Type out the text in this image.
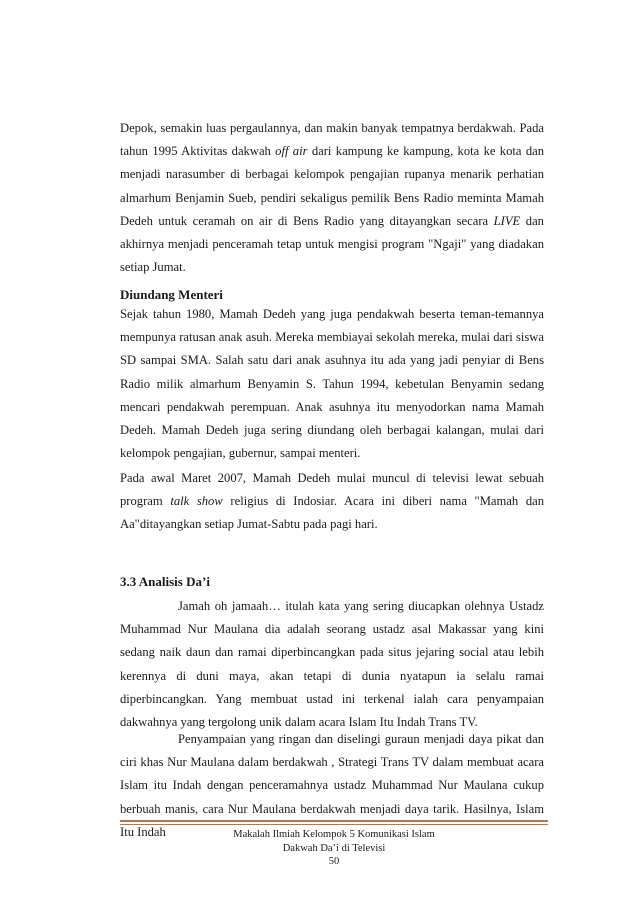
Depok, semakin luas pergaulannya, dan makin banyak tempatnya berdakwah. Pada tahun 1995 Aktivitas dakwah off air dari kampung ke kampung, kota ke kota dan menjadi narasumber di berbagai kelompok pengajian rupanya menarik perhatian almarhum Benjamin Sueb, pendiri sekaligus pemilik Bens Radio meminta Mamah Dedeh untuk ceramah on air di Bens Radio yang ditayangkan secara LIVE dan akhirnya menjadi penceramah tetap untuk mengisi program "Ngaji" yang diadakan setiap Jumat.

Diundang Menteri

Sejak tahun 1980, Mamah Dedeh yang juga pendakwah beserta teman-temannya mempunya ratusan anak asuh. Mereka membiayai sekolah mereka, mulai dari siswa SD sampai SMA. Salah satu dari anak asuhnya itu ada yang jadi penyiar di Bens Radio milik almarhum Benyamin S. Tahun 1994, kebetulan Benyamin sedang mencari pendakwah perempuan. Anak asuhnya itu menyodorkan nama Mamah Dedeh. Mamah Dedeh juga sering diundang oleh berbagai kalangan, mulai dari kelompok pengajian, gubernur, sampai menteri.

Pada awal Maret 2007, Mamah Dedeh mulai muncul di televisi lewat sebuah program talk show religius di Indosiar. Acara ini diberi nama "Mamah dan Aa"ditayangkan setiap Jumat-Sabtu pada pagi hari.

3.3 Analisis Da’i

Jamah oh jamaah… itulah kata yang sering diucapkan olehnya Ustadz Muhammad Nur Maulana dia adalah seorang ustadz asal Makassar yang kini sedang naik daun dan ramai diperbincangkan pada situs jejaring social atau lebih kerennya di duni maya, akan tetapi di dunia nyatapun ia selalu ramai diperbincangkan. Yang membuat ustad ini terkenal ialah cara penyampaian dakwahnya yang tergolong unik dalam acara Islam Itu Indah Trans TV.

Penyampaian yang ringan dan diselingi guraun menjadi daya pikat dan ciri khas Nur Maulana dalam berdakwah , Strategi Trans TV dalam membuat acara Islam itu Indah dengan penceramahnya ustadz Muhammad Nur Maulana cukup berbuah manis, cara Nur Maulana berdakwah menjadi daya tarik. Hasilnya, Islam Itu Indah	Makalah Ilmiah Kelompok 5 Komunikasi Islam
Dakwah Da’i di Televisi
50
